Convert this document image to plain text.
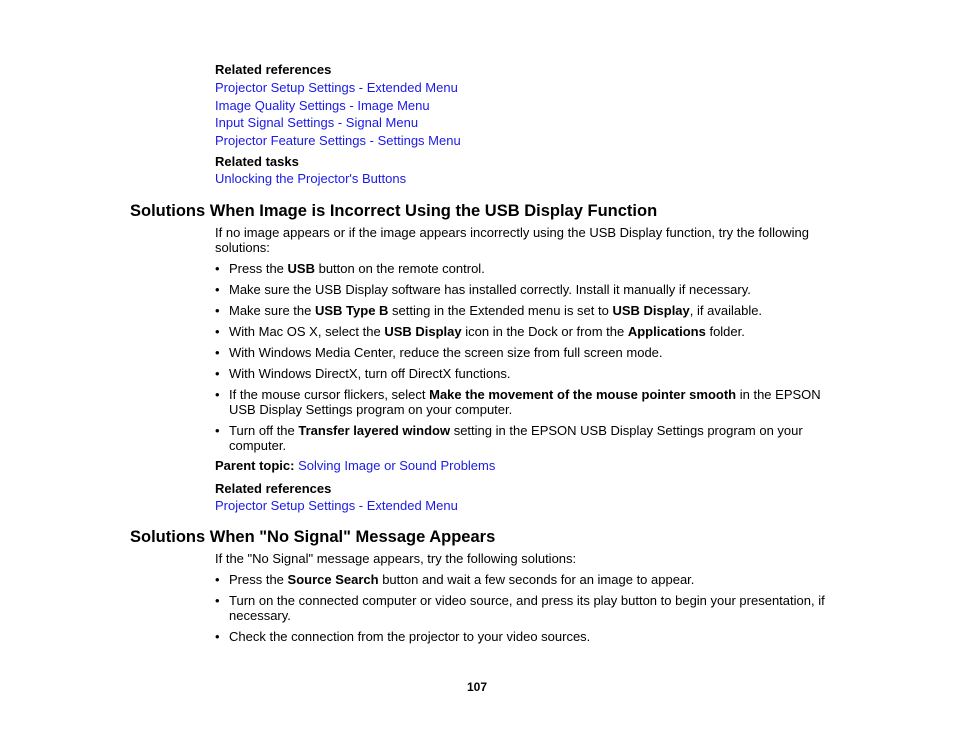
Related references
Projector Setup Settings - Extended Menu
Image Quality Settings - Image Menu
Input Signal Settings - Signal Menu
Projector Feature Settings - Settings Menu
Related tasks
Unlocking the Projector's Buttons
Solutions When Image is Incorrect Using the USB Display Function
If no image appears or if the image appears incorrectly using the USB Display function, try the following solutions:
• Press the USB button on the remote control.
• Make sure the USB Display software has installed correctly. Install it manually if necessary.
• Make sure the USB Type B setting in the Extended menu is set to USB Display, if available.
• With Mac OS X, select the USB Display icon in the Dock or from the Applications folder.
• With Windows Media Center, reduce the screen size from full screen mode.
• With Windows DirectX, turn off DirectX functions.
• If the mouse cursor flickers, select Make the movement of the mouse pointer smooth in the EPSON USB Display Settings program on your computer.
• Turn off the Transfer layered window setting in the EPSON USB Display Settings program on your computer.
Parent topic: Solving Image or Sound Problems
Related references
Projector Setup Settings - Extended Menu
Solutions When "No Signal" Message Appears
If the "No Signal" message appears, try the following solutions:
• Press the Source Search button and wait a few seconds for an image to appear.
• Turn on the connected computer or video source, and press its play button to begin your presentation, if necessary.
• Check the connection from the projector to your video sources.
107
